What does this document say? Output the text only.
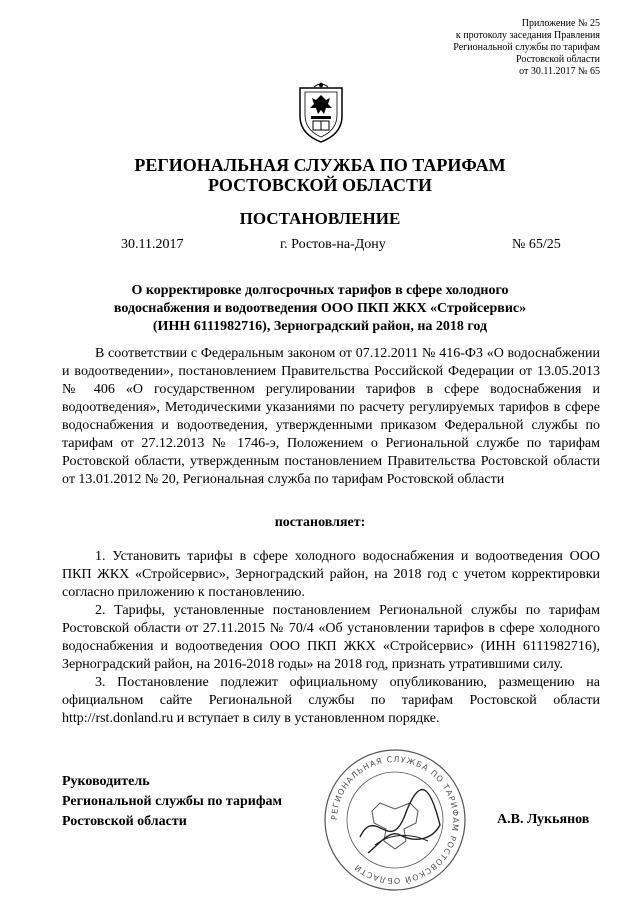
Приложение № 25
к протоколу заседания Правления
Региональной службы по тарифам
Ростовской области
от 30.11.2017 № 65
РЕГИОНАЛЬНАЯ СЛУЖБА ПО ТАРИФАМ
РОСТОВСКОЙ ОБЛАСТИ
ПОСТАНОВЛЕНИЕ
30.11.2017	г. Ростов-на-Дону	№ 65/25
О корректировке долгосрочных тарифов в сфере холодного водоснабжения и водоотведения ООО ПКП ЖКХ «Стройсервис» (ИНН 6111982716), Зерноградский район, на 2018 год
В соответствии с Федеральным законом от 07.12.2011 № 416-ФЗ «О водоснабжении и водоотведении», постановлением Правительства Российской Федерации от 13.05.2013 № 406 «О государственном регулировании тарифов в сфере водоснабжения и водоотведения», Методическими указаниями по расчету регулируемых тарифов в сфере водоснабжения и водоотведения, утвержденными приказом Федеральной службы по тарифам от 27.12.2013 № 1746-э, Положением о Региональной службе по тарифам Ростовской области, утвержденным постановлением Правительства Ростовской области от 13.01.2012 № 20, Региональная служба по тарифам Ростовской области
постановляет:

1. Установить тарифы в сфере холодного водоснабжения и водоотведения ООО ПКП ЖКХ «Стройсервис», Зерноградский район, на 2018 год с учетом корректировки согласно приложению к постановлению.

2. Тарифы, установленные постановлением Региональной службы по тарифам Ростовской области от 27.11.2015 № 70/4 «Об установлении тарифов в сфере холодного водоснабжения и водоотведения ООО ПКП ЖКХ «Стройсервис» (ИНН 6111982716), Зерноградский район, на 2016-2018 годы» на 2018 год, признать утратившими силу.

3. Постановление подлежит официальному опубликованию, размещению на официальном сайте Региональной службы по тарифам Ростовской области http://rst.donland.ru и вступает в силу в установленном порядке.

РЕГИОНАЛЬНАЯ СЛУЖБА ПО ТАРИФАМ РОСТОВСКОЙ ОБЛАСТИ
Руководитель
Региональной службы по тарифам
Ростовской области	А.В. Лукьянов
